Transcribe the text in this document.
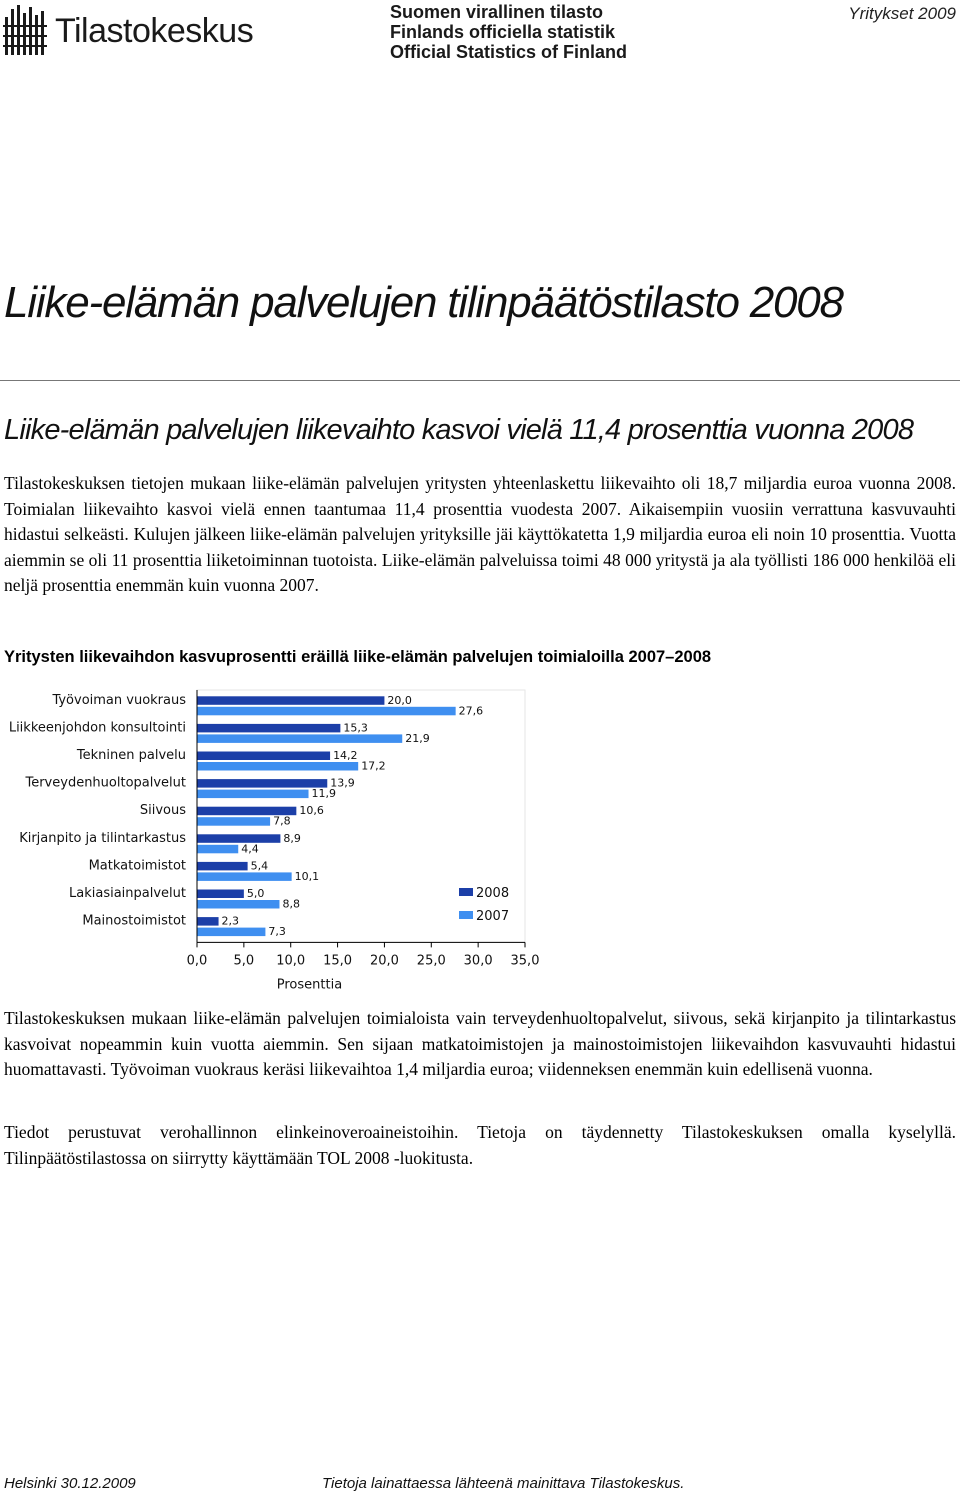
Tilastokeskus	Suomen virallinen tilasto
Finlands officiella statistik
Official Statistics of Finland
Yritykset 2009
Liike-elämän palvelujen tilinpäätöstilasto 2008
Liike-elämän palvelujen liikevaihto kasvoi vielä 11,4 prosenttia vuonna 2008
Tilastokeskuksen tietojen mukaan liike-elämän palvelujen yritysten yhteenlaskettu liikevaihto oli 18,7 miljardia euroa vuonna 2008. Toimialan liikevaihto kasvoi vielä ennen taantumaa 11,4 prosenttia vuodesta 2007. Aikaisempiin vuosiin verrattuna kasvuvauhti hidastui selkeästi. Kulujen jälkeen liike-elämän palvelujen yrityksille jäi käyttökatetta 1,9 miljardia euroa eli noin 10 prosenttia. Vuotta aiemmin se oli 11 prosenttia liiketoiminnan tuotoista. Liike-elämän palveluissa toimi 48 000 yritystä ja ala työllisti 186 000 henkilöä eli neljä prosenttia enemmän kuin vuonna 2007.
Yritysten liikevaihdon kasvuprosentti eräillä liike-elämän palvelujen toimialoilla 2007–2008
Työvoiman vuokraus	20,0
27,6
Liikkeenjohdon konsultointi	15,3
21,9
Tekninen palvelu	14,2
17,2
Terveydenhuoltopalvelut	13,9
11,9
Siivous	10,6
7,8
Kirjanpito ja tilintarkastus	8,9
4,4
Matkatoimistot	5,4
10,1
Lakiasiainpalvelut	5,0
8,8
Mainostoimistot	2,3
7,3
0,0 5,0 10,0 15,0 20,0 25,0 30,0 35,0
Prosenttia
2008
2007
Tilastokeskuksen mukaan liike-elämän palvelujen toimialoista vain terveydenhuoltopalvelut, siivous, sekä kirjanpito ja tilintarkastus kasvoivat nopeammin kuin vuotta aiemmin. Sen sijaan matkatoimistojen ja mainostoimistojen liikevaihdon kasvuvauhti hidastui huomattavasti. Työvoiman vuokraus keräsi liikevaihtoa 1,4 miljardia euroa; viidenneksen enemmän kuin edellisenä vuonna.
Tiedot perustuvat verohallinnon elinkeinoveroaineistoihin. Tietoja on täydennetty Tilastokeskuksen omalla kyselyllä. Tilinpäätöstilastossa on siirrytty käyttämään TOL 2008 -luokitusta.
Helsinki 30.12.2009	Tietoja lainattaessa lähteenä mainittava Tilastokeskus.
